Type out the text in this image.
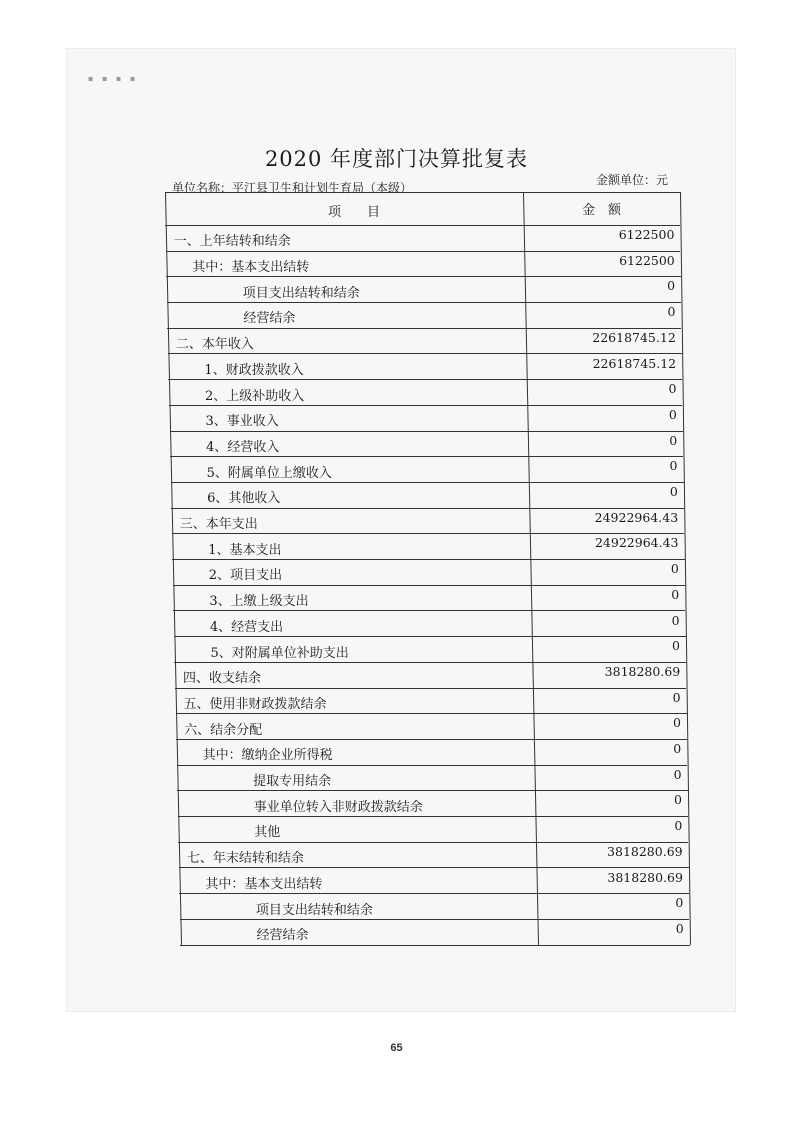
▪ ▪ ▪ ▪
2020 年度部门决算批复表
单位名称：平江县卫生和计划生育局（本级）
金额单位：元
项　　目	金　额
一、上年结转和结余	6122500
其中：基本支出结转	6122500
项目支出结转和结余	0
经营结余	0
二、本年收入	22618745.12
1、财政拨款收入	22618745.12
2、上级补助收入	0
3、事业收入	0
4、经营收入	0
5、附属单位上缴收入	0
6、其他收入	0
三、本年支出	24922964.43
1、基本支出	24922964.43
2、项目支出	0
3、上缴上级支出	0
4、经营支出	0
5、对附属单位补助支出	0
四、收支结余	3818280.69
五、使用非财政拨款结余	0
六、结余分配	0
其中：缴纳企业所得税	0
提取专用结余	0
事业单位转入非财政拨款结余	0
其他	0
七、年末结转和结余	3818280.69
其中：基本支出结转	3818280.69
项目支出结转和结余	0
经营结余	0
65
